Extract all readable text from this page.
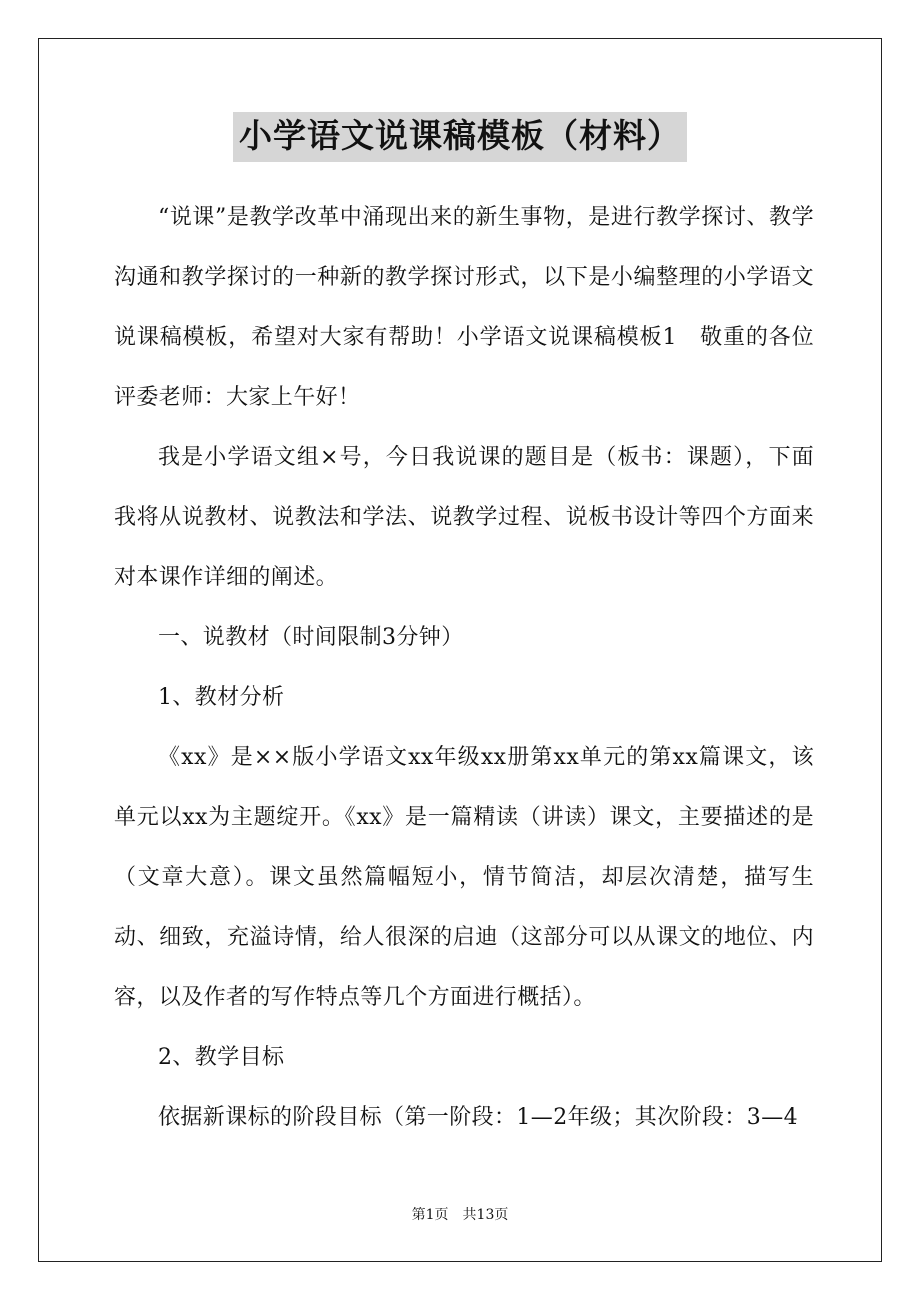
小学语文说课稿模板（材料）

“说课”是教学改革中涌现出来的新生事物，是进行教学探讨、教学沟通和教学探讨的一种新的教学探讨形式，以下是小编整理的小学语文说课稿模板，希望对大家有帮助！小学语文说课稿模板1　敬重的各位评委老师：大家上午好！

我是小学语文组×号，今日我说课的题目是（板书：课题），下面我将从说教材、说教法和学法、说教学过程、说板书设计等四个方面来对本课作详细的阐述。

一、说教材（时间限制3分钟）

1、教材分析

《xx》是××版小学语文xx年级xx册第xx单元的第xx篇课文，该单元以xx为主题绽开。《xx》是一篇精读（讲读）课文，主要描述的是（文章大意）。课文虽然篇幅短小，情节简洁，却层次清楚，描写生动、细致，充溢诗情，给人很深的启迪（这部分可以从课文的地位、内容，以及作者的写作特点等几个方面进行概括）。

2、教学目标

依据新课标的阶段目标（第一阶段：1—2年级；其次阶段：3—4

第1页 共13页
